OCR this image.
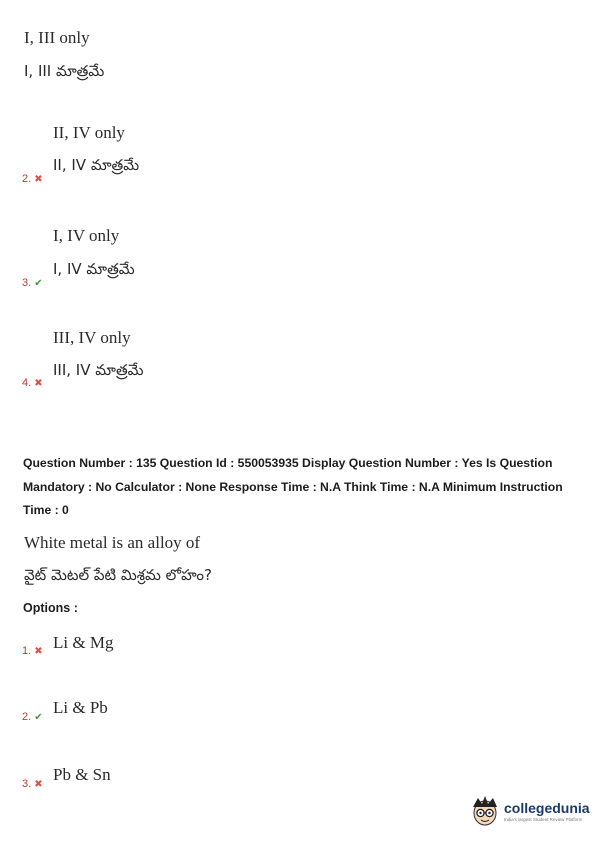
I, III only
I, III మాత్రమే
II, IV only
II, IV మాత్రమే
2. ✖
I, IV only
I, IV మాత్రమే
3. ✔
III, IV only
III, IV మాత్రమే
4. ✖
Question Number : 135 Question Id : 550053935 Display Question Number : Yes Is Question Mandatory : No Calculator : None Response Time : N.A Think Time : N.A Minimum Instruction Time : 0
White metal is an alloy of
వైట్ మెటల్ పేటి మిశ్రమ లోహం?
Options :
1. ✖ Li & Mg
2. ✔
Li & Pb
3. ✖
Pb & Sn
collegedunia
India's largest Student Review Platform
